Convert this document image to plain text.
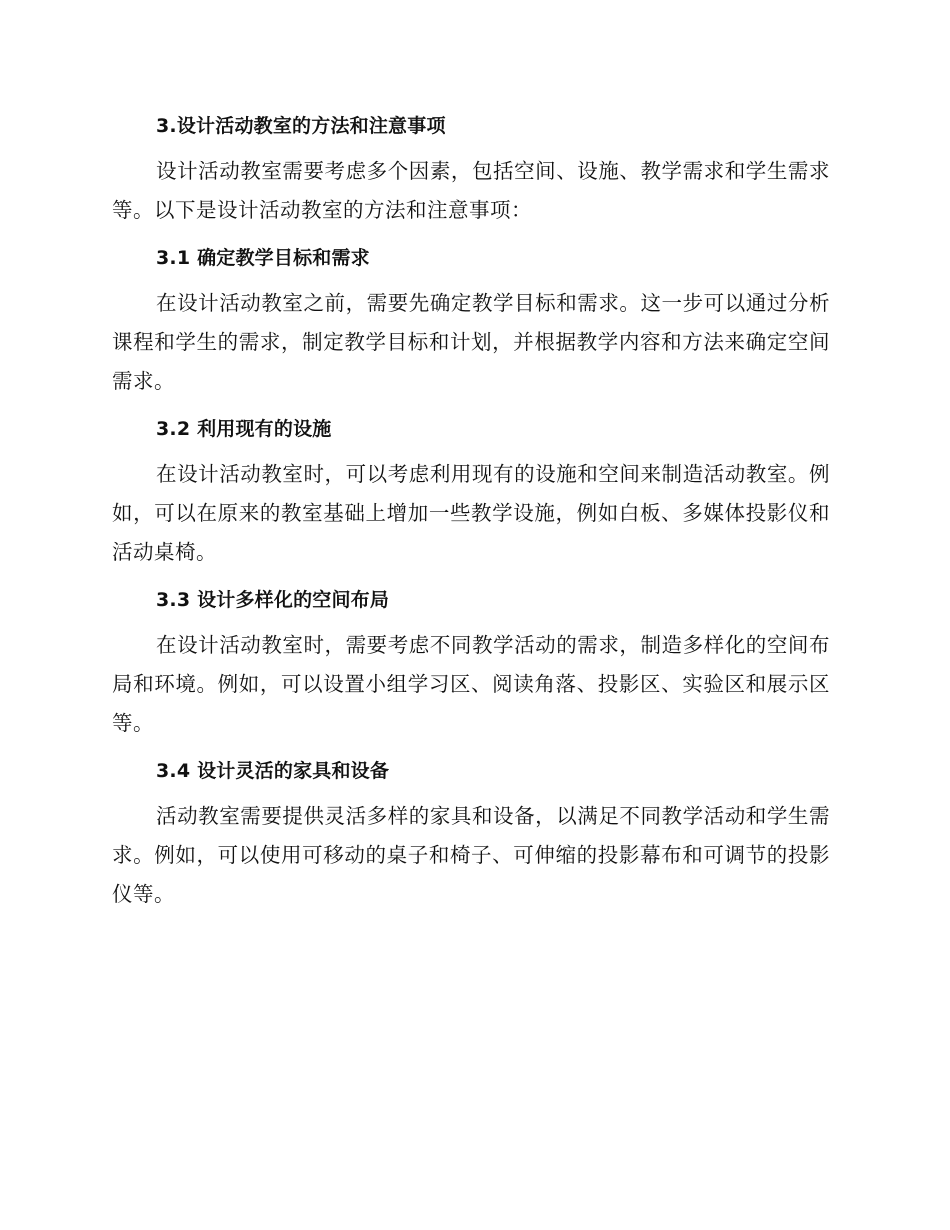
3.设计活动教室的方法和注意事项

设计活动教室需要考虑多个因素，包括空间、设施、教学需求和学生需求等。以下是设计活动教室的方法和注意事项：

3.1 确定教学目标和需求

在设计活动教室之前，需要先确定教学目标和需求。这一步可以通过分析课程和学生的需求，制定教学目标和计划，并根据教学内容和方法来确定空间需求。

3.2 利用现有的设施

在设计活动教室时，可以考虑利用现有的设施和空间来制造活动教室。例如，可以在原来的教室基础上增加一些教学设施，例如白板、多媒体投影仪和活动桌椅。

3.3 设计多样化的空间布局

在设计活动教室时，需要考虑不同教学活动的需求，制造多样化的空间布局和环境。例如，可以设置小组学习区、阅读角落、投影区、实验区和展示区等。

3.4 设计灵活的家具和设备

活动教室需要提供灵活多样的家具和设备，以满足不同教学活动和学生需求。例如，可以使用可移动的桌子和椅子、可伸缩的投影幕布和可调节的投影仪等。
